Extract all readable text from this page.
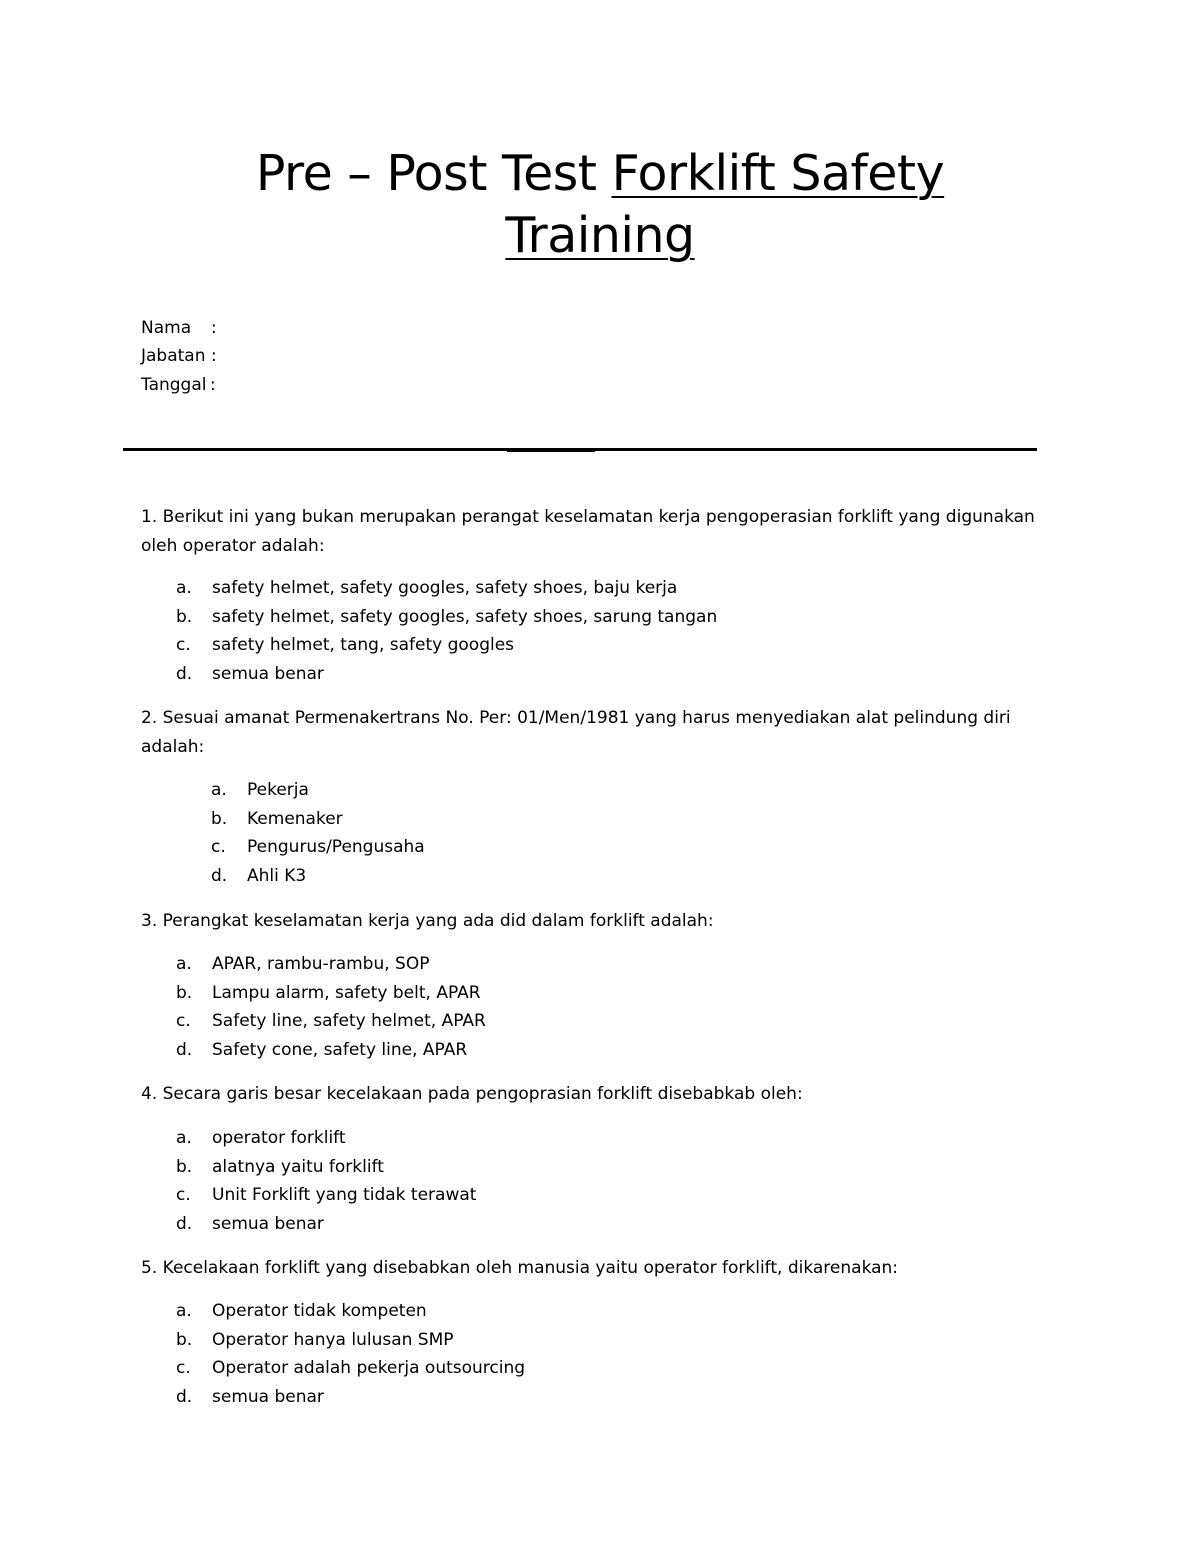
Pre – Post Test Forklift Safety
Training
Nama :
Jabatan :
Tanggal :
1. Berikut ini yang bukan merupakan perangat keselamatan kerja pengoperasian forklift yang digunakan oleh operator adalah:
a. safety helmet, safety googles, safety shoes, baju kerja
b. safety helmet, safety googles, safety shoes, sarung tangan
c. safety helmet, tang, safety googles
d. semua benar
2. Sesuai amanat Permenakertrans No. Per: 01/Men/1981 yang harus menyediakan alat pelindung diri adalah:
a. Pekerja
b. Kemenaker
c. Pengurus/Pengusaha
d. Ahli K3
3. Perangkat keselamatan kerja yang ada did dalam forklift adalah:
a. APAR, rambu-rambu, SOP
b. Lampu alarm, safety belt, APAR
c. Safety line, safety helmet, APAR
d. Safety cone, safety line, APAR
4. Secara garis besar kecelakaan pada pengoprasian forklift disebabkab oleh:
a. operator forklift
b. alatnya yaitu forklift
c. Unit Forklift yang tidak terawat
d. semua benar
5. Kecelakaan forklift yang disebabkan oleh manusia yaitu operator forklift, dikarenakan:
a. Operator tidak kompeten
b. Operator hanya lulusan SMP
c. Operator adalah pekerja outsourcing
d. semua benar
